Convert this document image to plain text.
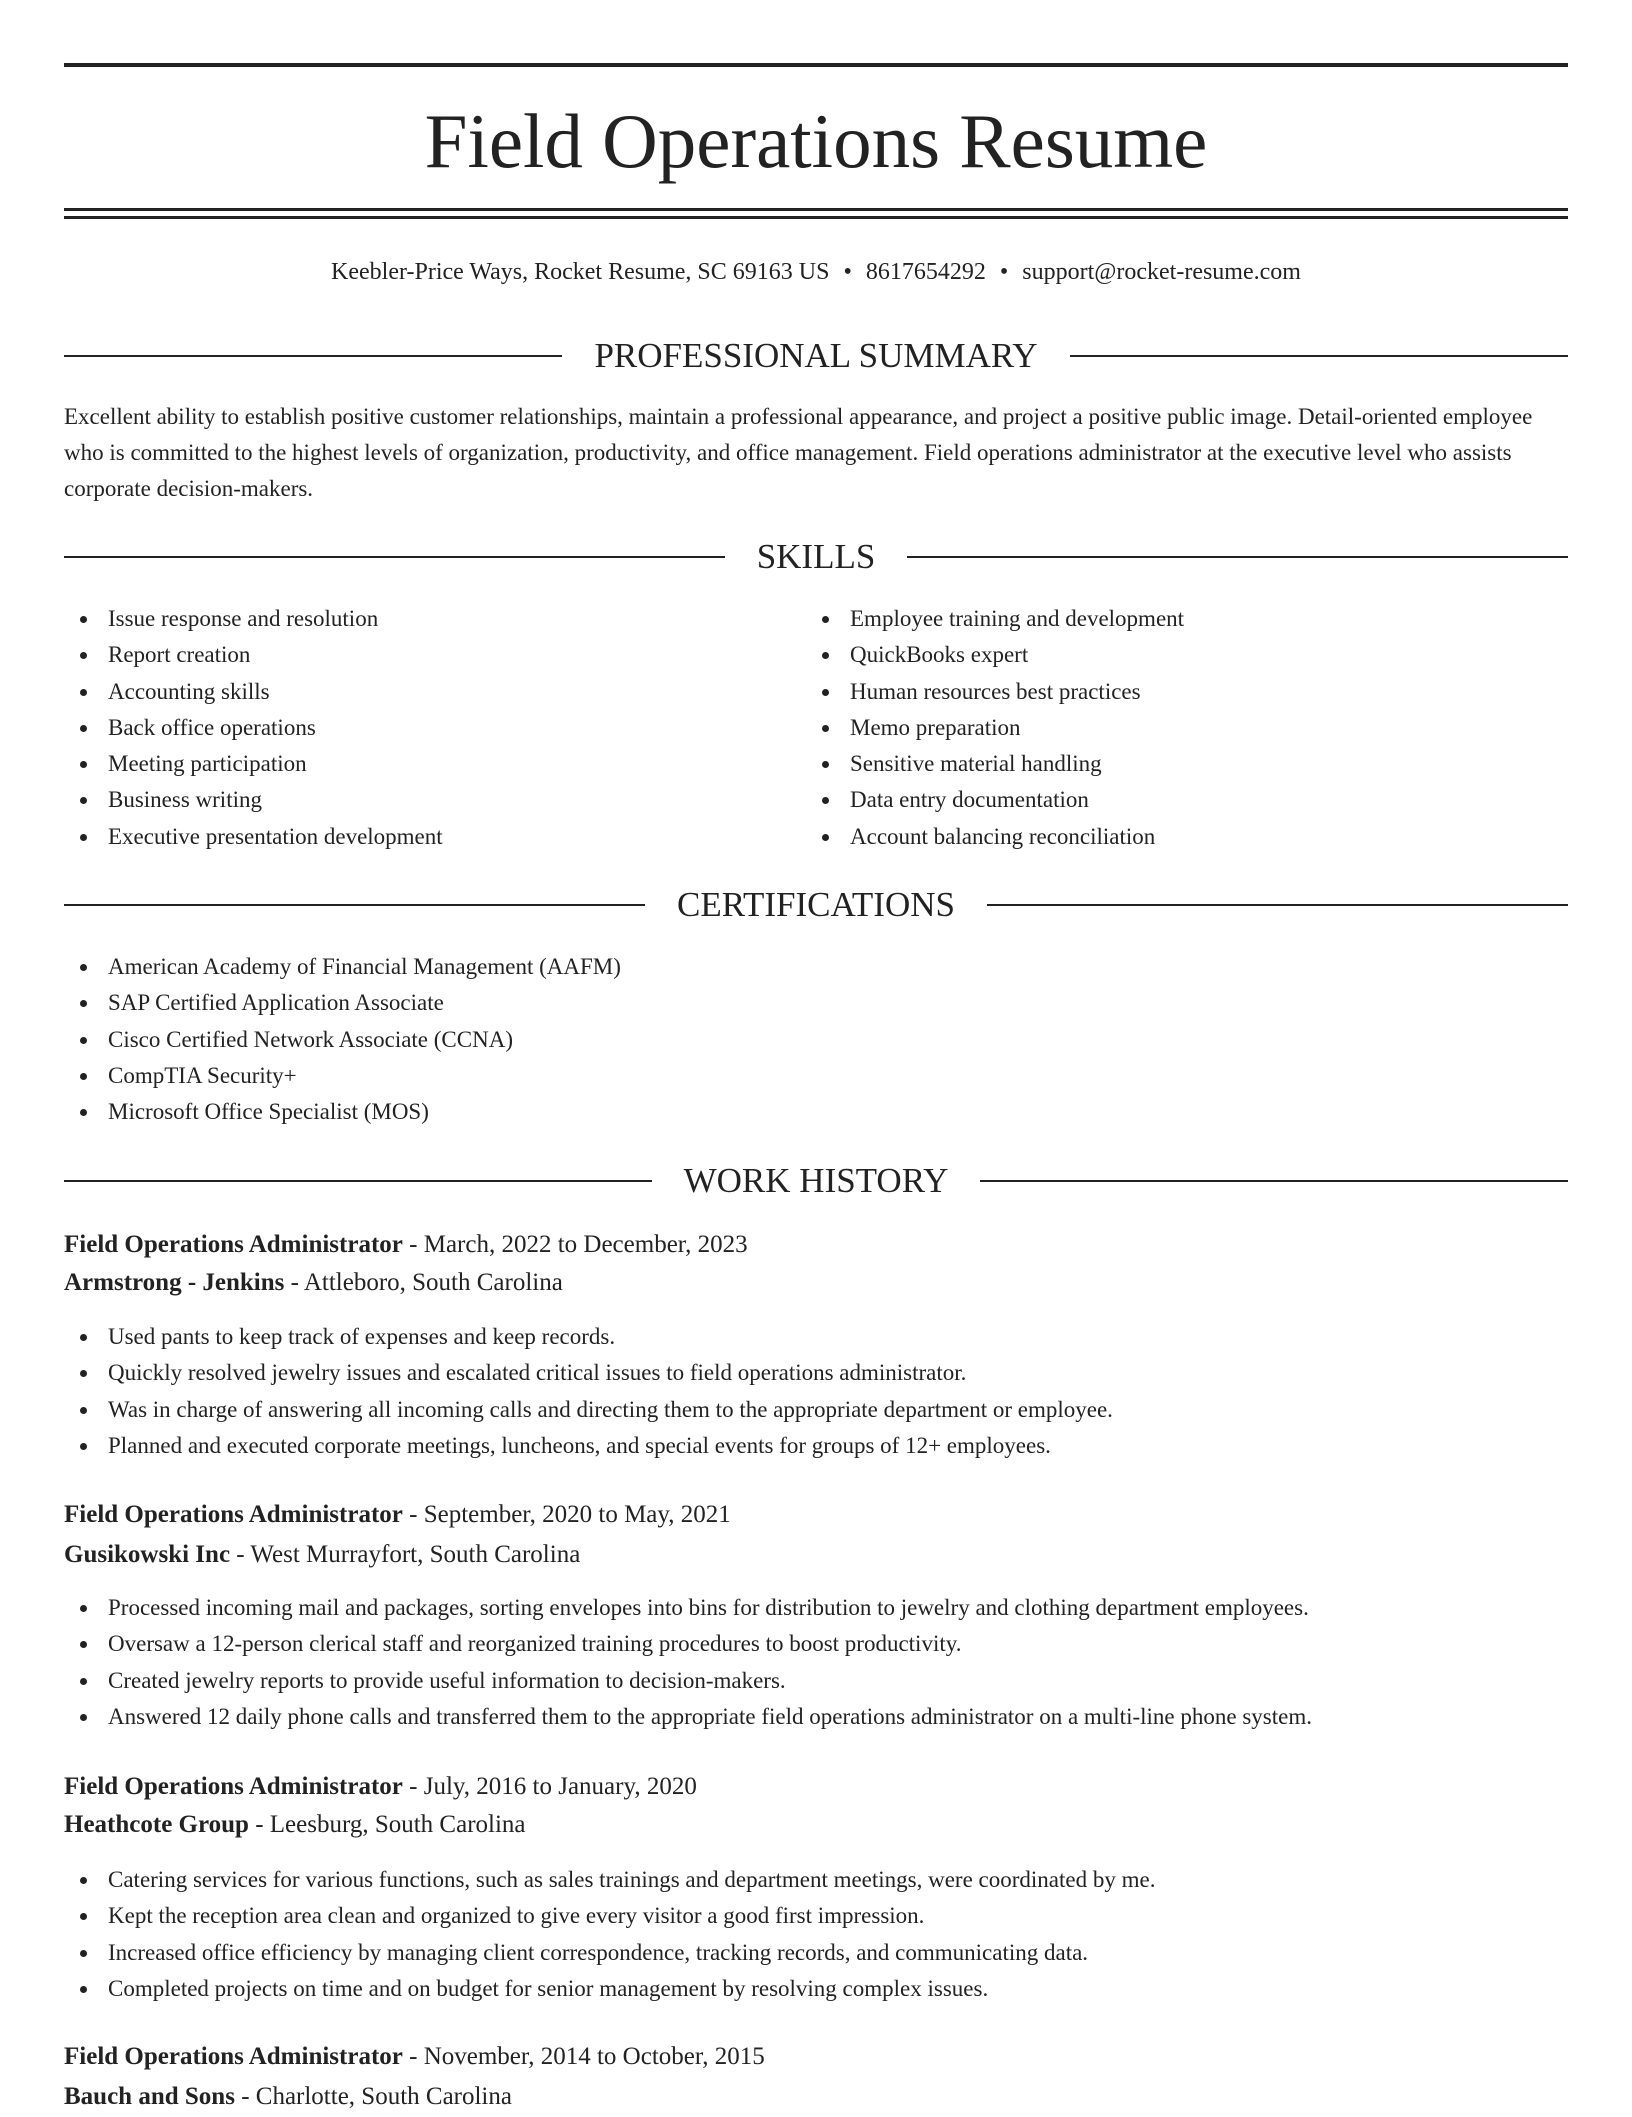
Field Operations Resume
Keebler-Price Ways, Rocket Resume, SC 69163 US • 8617654292 • support@rocket-resume.com
PROFESSIONAL SUMMARY

Excellent ability to establish positive customer relationships, maintain a professional appearance, and project a positive public image. Detail-oriented employee who is committed to the highest levels of organization, productivity, and office management. Field operations administrator at the executive level who assists corporate decision-makers.

SKILLS
Issue response and resolution
Report creation
Accounting skills
Back office operations
Meeting participation
Business writing
Executive presentation development
Employee training and development
QuickBooks expert
Human resources best practices
Memo preparation
Sensitive material handling
Data entry documentation
Account balancing reconciliation
CERTIFICATIONS
American Academy of Financial Management (AAFM)
SAP Certified Application Associate
Cisco Certified Network Associate (CCNA)
CompTIA Security+
Microsoft Office Specialist (MOS)
WORK HISTORY
Field Operations Administrator - March, 2022 to December, 2023
Armstrong - Jenkins - Attleboro, South Carolina
Used pants to keep track of expenses and keep records.
Quickly resolved jewelry issues and escalated critical issues to field operations administrator.
Was in charge of answering all incoming calls and directing them to the appropriate department or employee.
Planned and executed corporate meetings, luncheons, and special events for groups of 12+ employees.
Field Operations Administrator - September, 2020 to May, 2021
Gusikowski Inc - West Murrayfort, South Carolina
Processed incoming mail and packages, sorting envelopes into bins for distribution to jewelry and clothing department employees.
Oversaw a 12-person clerical staff and reorganized training procedures to boost productivity.
Created jewelry reports to provide useful information to decision-makers.
Answered 12 daily phone calls and transferred them to the appropriate field operations administrator on a multi-line phone system.
Field Operations Administrator - July, 2016 to January, 2020
Heathcote Group - Leesburg, South Carolina
Catering services for various functions, such as sales trainings and department meetings, were coordinated by me.
Kept the reception area clean and organized to give every visitor a good first impression.
Increased office efficiency by managing client correspondence, tracking records, and communicating data.
Completed projects on time and on budget for senior management by resolving complex issues.
Field Operations Administrator - November, 2014 to October, 2015
Bauch and Sons - Charlotte, South Carolina
